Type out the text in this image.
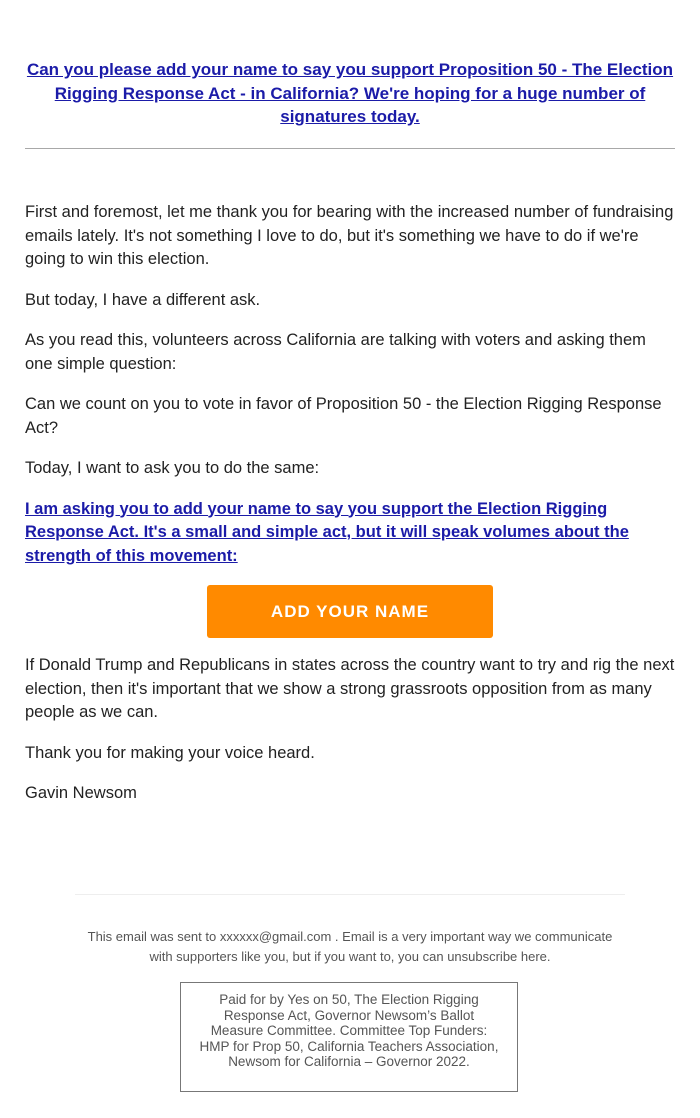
Can you please add your name to say you support Proposition 50 - The Election Rigging Response Act - in California? We're hoping for a huge number of signatures today.

First and foremost, let me thank you for bearing with the increased number of fundraising emails lately. It's not something I love to do, but it's something we have to do if we're going to win this election.

But today, I have a different ask.

As you read this, volunteers across California are talking with voters and asking them one simple question:

Can we count on you to vote in favor of Proposition 50 - the Election Rigging Response Act?

Today, I want to ask you to do the same:

I am asking you to add your name to say you support the Election Rigging Response Act. It's a small and simple act, but it will speak volumes about the strength of this movement:

ADD YOUR NAME

If Donald Trump and Republicans in states across the country want to try and rig the next election, then it's important that we show a strong grassroots opposition from as many people as we can.

Thank you for making your voice heard.

Gavin Newsom

This email was sent to xxxxxx@gmail.com . Email is a very important way we communicate with supporters like you, but if you want to, you can unsubscribe here.
Paid for by Yes on 50, The Election Rigging Response Act, Governor Newsom’s Ballot Measure Committee. Committee Top Funders: HMP for Prop 50, California Teachers Association, Newsom for California – Governor 2022.
